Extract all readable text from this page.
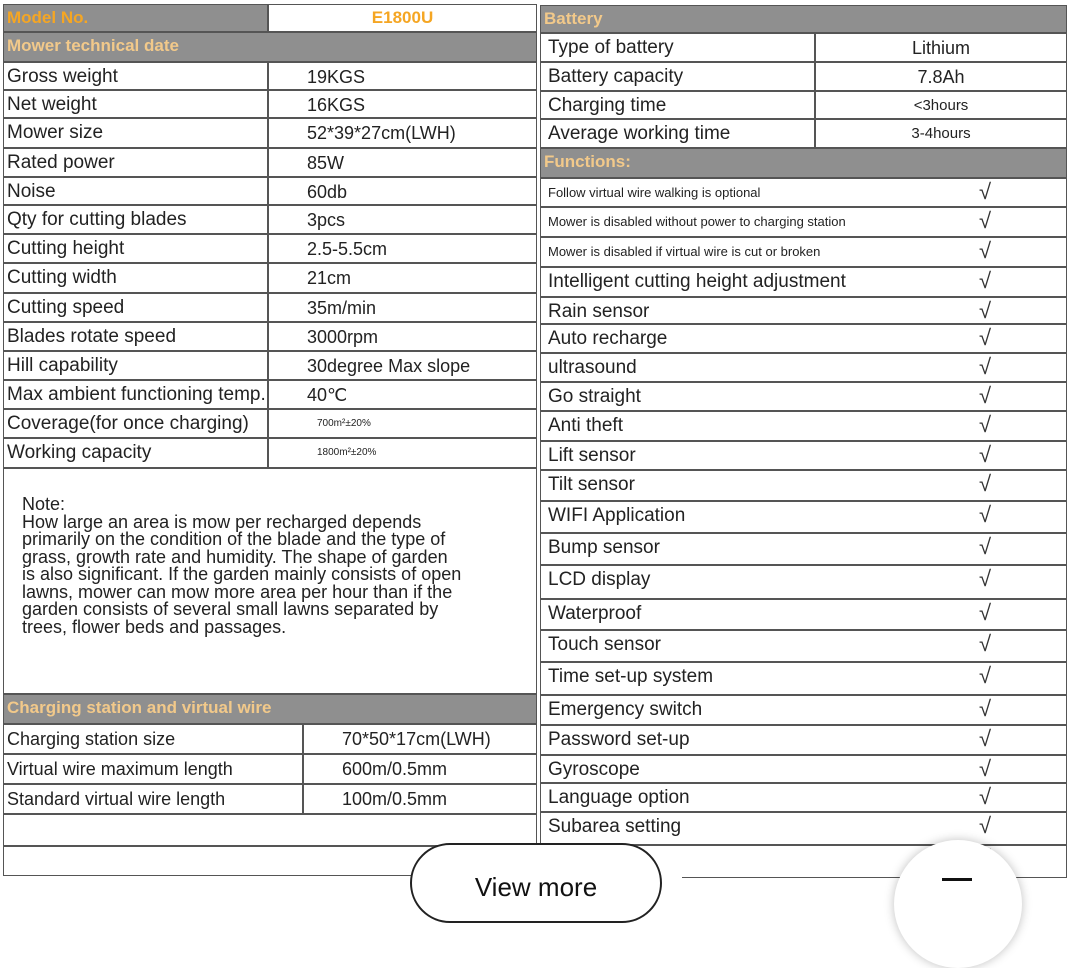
Model No.	E1800U
Mower technical date
Gross weight	19KGS
Net weight	16KGS
Mower size	52*39*27cm(LWH)
Rated power	85W
Noise	60db
Qty for cutting blades	3pcs
Cutting height	2.5-5.5cm
Cutting width	21cm
Cutting speed	35m/min
Blades rotate speed	3000rpm
Hill capability	30degree Max slope
Max ambient functioning temp.	40℃
Coverage(for once charging)	700m²±20%
Working capacity	1800m²±20%
Charging station and virtual wire
Charging station size	70*50*17cm(LWH)
Virtual wire maximum length	600m/0.5mm
Standard virtual wire length	100m/0.5mm
Battery
Type of battery	Lithium
Battery capacity	7.8Ah
Charging time	<3hours
Average working time	3-4hours
Functions:
Follow virtual wire walking is optional	√
Mower is disabled without power to charging station	√
Mower is disabled if virtual wire is cut or broken	√
Intelligent cutting height adjustment	√
Rain sensor	√
Auto recharge	√
ultrasound	√
Go straight	√
Anti theft	√
Lift sensor	√
Tilt sensor	√
WIFI Application	√
Bump sensor	√
LCD display	√
Waterproof	√
Touch sensor	√
Time set-up system	√
Emergency switch	√
Password set-up	√
Gyroscope	√
Language option	√
Subarea setting	√
Note:
How large an area is mow per recharged depends
primarily on the condition of the blade and the type of
grass, growth rate and humidity. The shape of garden
is also significant. If the garden mainly consists of open
lawns, mower can mow more area per hour than if the
garden consists of several small lawns separated by
trees, flower beds and passages.
View more
